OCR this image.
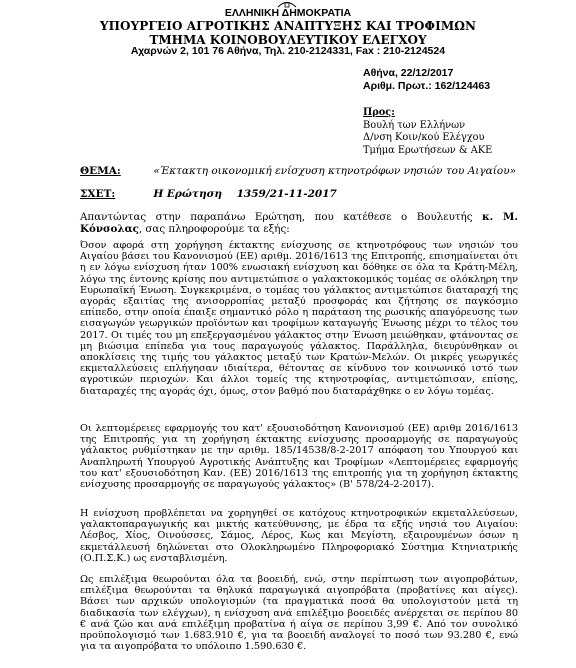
ΕΛΛΗΝΙΚΗ ΔΗΜΟΚΡΑΤΙΑ
ΥΠΟΥΡΓΕΙΟ ΑΓΡΟΤΙΚΗΣ ΑΝΑΠΤΥΞΗΣ ΚΑΙ ΤΡΟΦΙΜΩΝ
ΤΜΗΜΑ ΚΟΙΝΟΒΟΥΛΕΥΤΙΚΟΥ ΕΛΕΓΧΟΥ
Αχαρνών 2, 101 76 Αθήνα, Τηλ. 210-2124331, Fax : 210-2124524
Αθήνα, 22/12/2017
Αριθμ. Πρωτ.: 162/124463
Προς:
Βουλή των Ελλήνων
Δ/νση Κοιν/κού Ελέγχου
Τμήμα Ερωτήσεων & ΑΚΕ
ΘΕΜΑ:	«Έκτακτη οικονομική ενίσχυση κτηνοτρόφων νησιών του Αιγαίου»
ΣΧΕΤ:	Η Ερώτηση    1359/21-11-2017

Απαντώντας στην παραπάνω Ερώτηση, που κατέθεσε ο Βουλευτής κ. Μ. Κόνσολας, σας πληροφορούμε τα εξής:

Όσον αφορά στη χορήγηση έκτακτης ενίσχυσης σε κτηνοτρόφους των νησιών του Αιγαίου βάσει του Κανονισμού (ΕΕ) αριθμ. 2016/1613 της Επιτροπής, επισημαίνεται ότι η εν λόγω ενίσχυση ήταν 100% ενωσιακή ενίσχυση και δόθηκε σε όλα τα Κράτη-Μέλη, λόγω της έντονης κρίσης που αντιμετώπισε ο γαλακτοκομικός τομέας σε ολόκληρη την Ευρωπαϊκή Ένωση. Συγκεκριμένα, ο τομέας του γάλακτος αντιμετώπισε διαταραχή της αγοράς εξαιτίας της ανισορροπίας μεταξύ προσφοράς και ζήτησης σε παγκόσμιο επίπεδο, στην οποία έπαιξε σημαντικό ρόλο η παράταση της ρωσικής απαγόρευσης των εισαγωγών γεωργικών προϊόντων και τροφίμων καταγωγής Ένωσης μέχρι το τέλος του 2017. Οι τιμές του μη επεξεργασμένου γάλακτος στην Ένωση μειώθηκαν, φτάνοντας σε μη βιώσιμα επίπεδα για τους παραγωγούς γάλακτος. Παράλληλα, διευρύνθηκαν οι αποκλίσεις της τιμής του γάλακτος μεταξύ των Κρατών-Μελών. Οι μικρές γεωργικές εκμεταλλεύσεις επλήγησαν ιδιαίτερα, θέτοντας σε κίνδυνο τον κοινωνικό ιστό των αγροτικών περιοχών. Και άλλοι τομείς της κτηνοτροφίας, αντιμετώπισαν, επίσης, διαταραχές της αγοράς όχι, όμως, στον βαθμό που διαταράχθηκε ο εν λόγω τομέας.

Οι λεπτομέρειες εφαρμογής του κατ' εξουσιοδότηση Κανονισμού (ΕΕ) αριθμ 2016/1613 της Επιτροπής για τη χορήγηση έκτακτης ενίσχυσης προσαρμογής σε παραγωγούς γάλακτος ρυθμίστηκαν με την αριθμ. 185/14538/8-2-2017 απόφαση του Υπουργού και Αναπληρωτή Υπουργού Αγροτικής Ανάπτυξης και Τροφίμων «Λεπτομέρειες εφαρμογής του κατ' εξουσιοδότηση Καν. (ΕΕ) 2016/1613 της επιτροπής για τη χορήγηση έκτακτης ενίσχυσης προσαρμογής σε παραγωγούς γάλακτος» (Β' 578/24-2-2017).

Η ενίσχυση προβλέπεται να χορηγηθεί σε κατόχους κτηνοτροφικών εκμεταλλεύσεων, γαλακτοπαραγωγικής και μικτής κατεύθυνσης, με έδρα τα εξής νησιά του Αιγαίου: Λέσβος, Χίος, Οινούσσες, Σάμος, Λέρος, Κως και Μεγίστη, εξαιρουμένων όσων η εκμετάλλευσή δηλώνεται στο Ολοκληρωμένο Πληροφοριακό Σύστημα Κτηνιατρικής (Ο.Π.Σ.Κ.) ως ενσταβλισμένη.

Ως επιλέξιμα θεωρούνται όλα τα βοοειδή, ενώ, στην περίπτωση των αιγοπροβάτων, επιλέξιμα θεωρούνται τα θηλυκά παραγωγικά αιγοπρόβατα (προβατίνες και αίγες). Βάσει των αρχικών υπολογισμών (τα πραγματικά ποσά θα υπολογιστούν μετά τη διαδικασία των ελέγχων), η ενίσχυση ανά επιλέξιμο βοοειδές ανέρχεται σε περίπου 80 € ανά ζώο και ανά επιλέξιμη προβατίνα ή αίγα σε περίπου 3,99 €. Από τον συνολικό προϋπολογισμό των 1.683.910 €, για τα βοοειδή αναλογεί το ποσό των 93.280 €, ενώ για τα αιγοπρόβατα το υπόλοιπο 1.590.630 €.
